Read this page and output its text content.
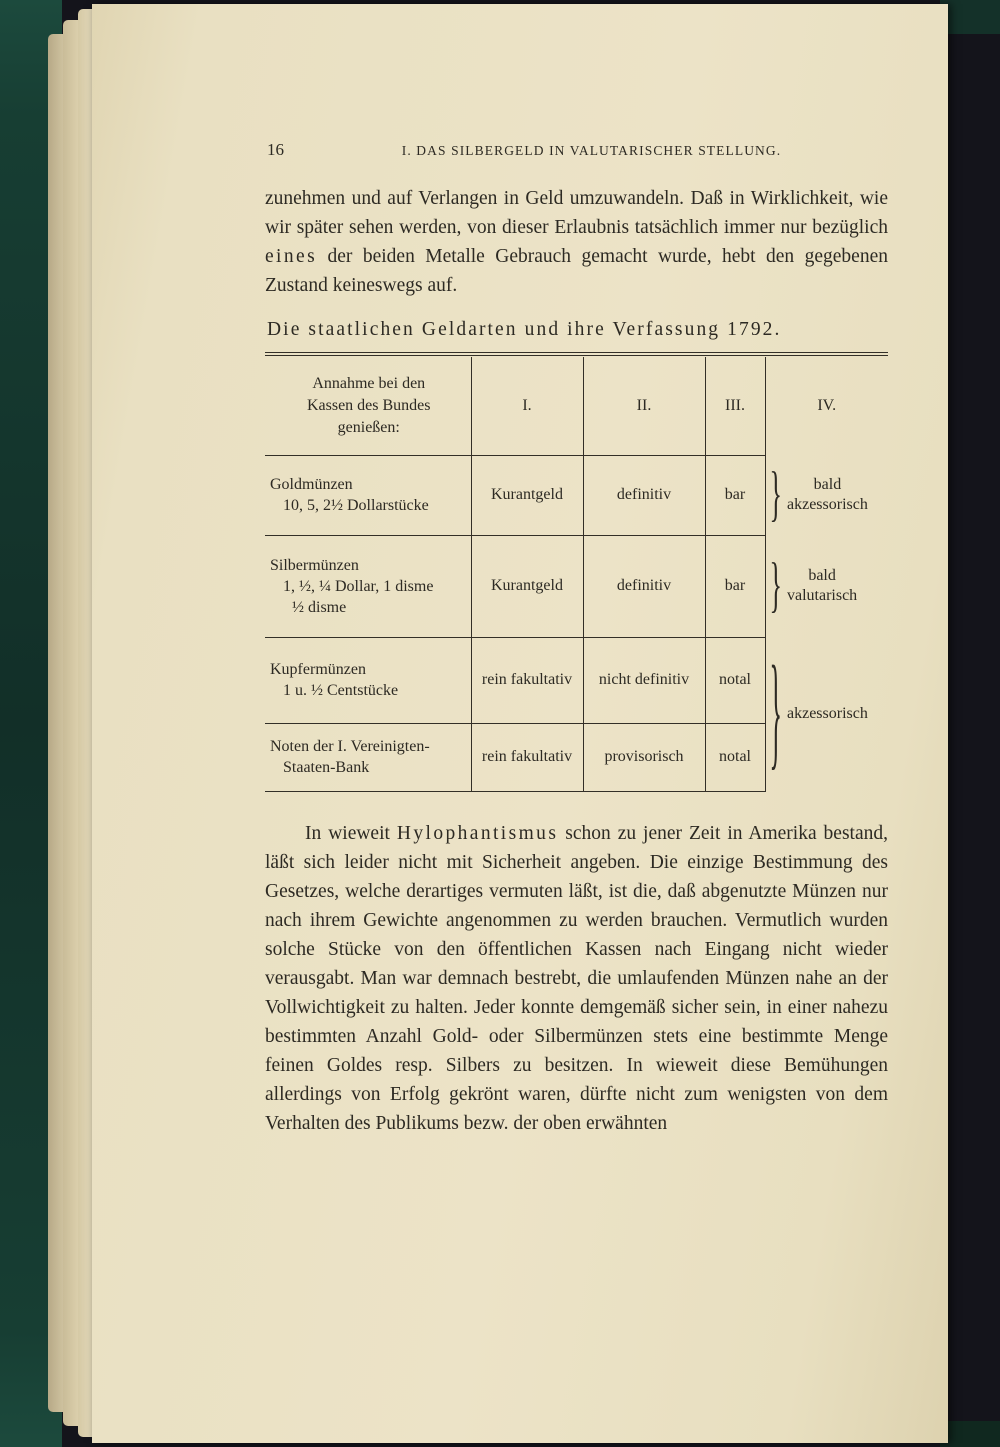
16	I. DAS SILBERGELD IN VALUTARISCHER STELLUNG.

zunehmen und auf Verlangen in Geld umzuwandeln. Daß in Wirklichkeit, wie wir später sehen werden, von dieser Erlaubnis tatsächlich immer nur bezüglich eines der beiden Metalle Gebrauch gemacht wurde, hebt den gegebenen Zustand keineswegs auf.

Die staatlichen Geldarten und ihre Verfassung 1792.
Annahme bei den
Kassen des Bundes
genießen:	I.	II.	III.	IV.

Goldmünzen
10, 5, 2½ Dollarstücke
	Kurantgeld	definitiv	bar	}	bald
akzessorisch

Silbermünzen
1, ½, ¼ Dollar, 1 disme
½ disme
	Kurantgeld	definitiv	bar	}	bald
valutarisch

Kupfermünzen
1 u. ½ Centstücke
	rein fakultativ	nicht definitiv	notal	} akzessorisch

Noten der I. Vereinigten-
Staaten-Bank	rein fakultativ	provisorisch	notal	

In wieweit Hylophantismus schon zu jener Zeit in Amerika bestand, läßt sich leider nicht mit Sicherheit angeben. Die einzige Bestimmung des Gesetzes, welche derartiges vermuten läßt, ist die, daß abgenutzte Münzen nur nach ihrem Gewichte angenommen zu werden brauchen. Vermutlich wurden solche Stücke von den öffentlichen Kassen nach Eingang nicht wieder verausgabt. Man war demnach bestrebt, die umlaufenden Münzen nahe an der Vollwichtigkeit zu halten. Jeder konnte demgemäß sicher sein, in einer nahezu bestimmten Anzahl Gold- oder Silbermünzen stets eine bestimmte Menge feinen Goldes resp. Silbers zu besitzen. In wieweit diese Bemühungen allerdings von Erfolg gekrönt waren, dürfte nicht zum wenigsten von dem Verhalten des Publikums bezw. der oben erwähnten
